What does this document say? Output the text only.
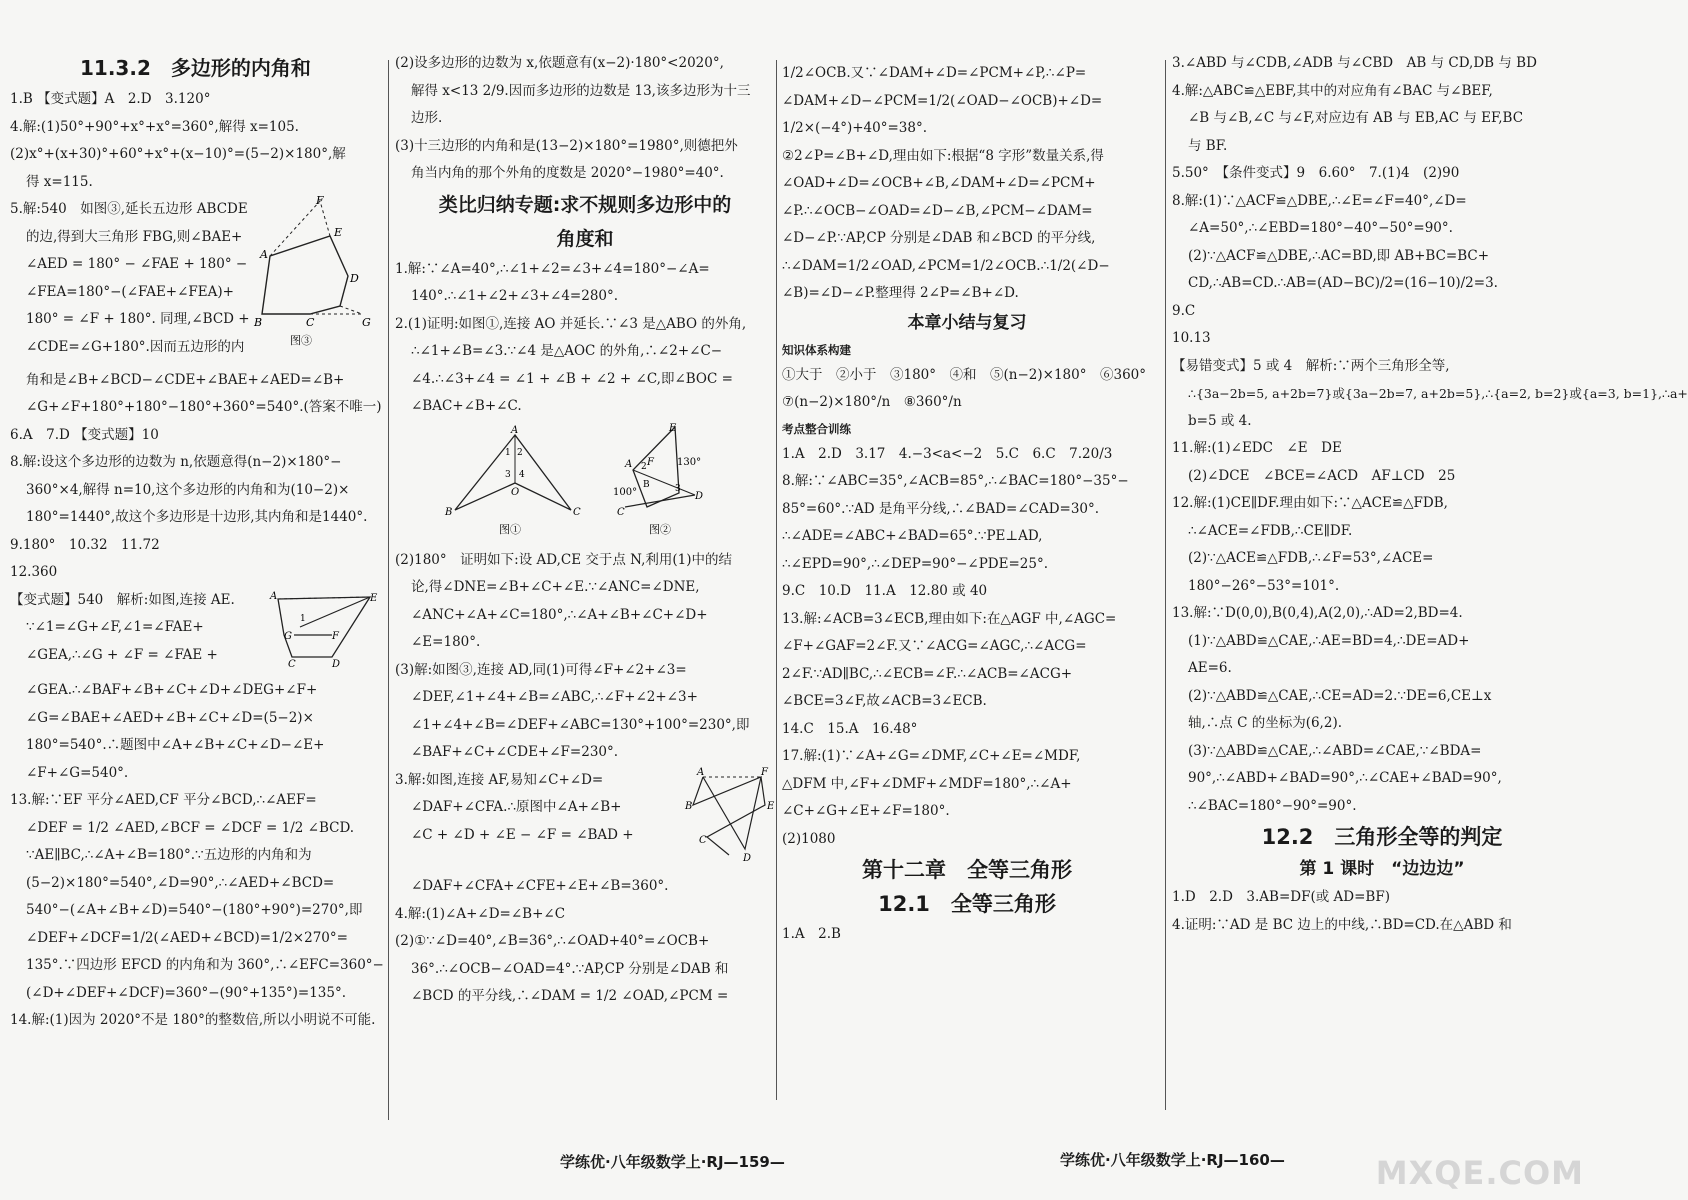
11.3.2　多边形的内角和
1.B 【变式题】A　2.D　3.120°
4.解:(1)50°+90°+x°+x°=360°,解得 x=105.
(2)x°+(x+30)°+60°+x°+(x−10)°=(5−2)×180°,解
得 x=115.
F
E
A
D
B	C	G
图③
5.解:540　如图③,延长五边形 ABCDE
的边,得到大三角形 FBG,则∠BAE+
∠AED = 180° − ∠FAE + 180° −
∠FEA=180°−(∠FAE+∠FEA)+
180° = ∠F + 180°. 同理,∠BCD +
∠CDE=∠G+180°.因而五边形的内
角和是∠B+∠BCD−∠CDE+∠BAE+∠AED=∠B+
∠G+∠F+180°+180°−180°+360°=540°.(答案不唯一)
6.A　7.D 【变式题】10
8.解:设这个多边形的边数为 n,依题意得(n−2)×180°−
360°×4,解得 n=10,这个多边形的内角和为(10−2)×
180°=1440°,故这个多边形是十边形,其内角和是1440°.
9.180°　10.32　11.72
12.360
A	E
1
G	F
C	D
【变式题】540　解析:如图,连接 AE.
∵∠1=∠G+∠F,∠1=∠FAE+
∠GEA,∴∠G + ∠F = ∠FAE +
∠GEA.∴∠BAF+∠B+∠C+∠D+∠DEG+∠F+
∠G=∠BAE+∠AED+∠B+∠C+∠D=(5−2)×
180°=540°.∴题图中∠A+∠B+∠C+∠D−∠E+
∠F+∠G=540°.
13.解:∵EF 平分∠AED,CF 平分∠BCD,∴∠AEF=
∠DEF = 1/2 ∠AED,∠BCF = ∠DCF = 1/2 ∠BCD.
∵AE∥BC,∴∠A+∠B=180°.∵五边形的内角和为
(5−2)×180°=540°,∠D=90°,∴∠AED+∠BCD=
540°−(∠A+∠B+∠D)=540°−(180°+90°)=270°,即
∠DEF+∠DCF=1/2(∠AED+∠BCD)=1/2×270°=
135°.∵四边形 EFCD 的内角和为 360°,∴∠EFC=360°−
(∠D+∠DEF+∠DCF)=360°−(90°+135°)=135°.
14.解:(1)因为 2020°不是 180°的整数倍,所以小明说不可能.
(2)设多边形的边数为 x,依题意有(x−2)·180°<2020°,
解得 x<13 2/9.因而多边形的边数是 13,该多边形为十三
边形.
(3)十三边形的内角和是(13−2)×180°=1980°,则德把外
角当内角的那个外角的度数是 2020°−1980°=40°.
类比归纳专题:求不规则多边形中的
角度和
1.解:∵∠A=40°,∴∠1+∠2=∠3+∠4=180°−∠A=
140°.∴∠1+∠2+∠3+∠4=280°.
2.(1)证明:如图①,连接 AO 并延长.∵∠3 是△ABO 的外角,
∴∠1+∠B=∠3.∵∠4 是△AOC 的外角,∴∠2+∠C−
∠4.∴∠3+∠4 = ∠1 + ∠B + ∠2 + ∠C,即∠BOC =
∠BAC+∠B+∠C.
A
1 2
3 4
O
B	C
图①
E
130°
A 2 F
100°
B	3
C
D
图②
(2)180°　证明如下:设 AD,CE 交于点 N,利用(1)中的结
论,得∠DNE=∠B+∠C+∠E.∵∠ANC=∠DNE,
∠ANC+∠A+∠C=180°,∴∠A+∠B+∠C+∠D+
∠E=180°.
(3)解:如图③,连接 AD,同(1)可得∠F+∠2+∠3=
∠DEF,∠1+∠4+∠B=∠ABC,∴∠F+∠2+∠3+
∠1+∠4+∠B=∠DEF+∠ABC=130°+100°=230°,即
∠BAF+∠C+∠CDE+∠F=230°.
A	F
B	E
C
D
3.解:如图,连接 AF,易知∠C+∠D=
∠DAF+∠CFA.∴原图中∠A+∠B+
∠C + ∠D + ∠E − ∠F = ∠BAD +
∠DAF+∠CFA+∠CFE+∠E+∠B=360°.
4.解:(1)∠A+∠D=∠B+∠C
(2)①∵∠D=40°,∠B=36°,∴∠OAD+40°=∠OCB+
36°.∴∠OCB−∠OAD=4°.∵AP,CP 分别是∠DAB 和
∠BCD 的平分线,∴∠DAM = 1/2 ∠OAD,∠PCM =
1/2∠OCB.又∵∠DAM+∠D=∠PCM+∠P,∴∠P=
∠DAM+∠D−∠PCM=1/2(∠OAD−∠OCB)+∠D=
1/2×(−4°)+40°=38°.
②2∠P=∠B+∠D,理由如下:根据“8 字形”数量关系,得
∠OAD+∠D=∠OCB+∠B,∠DAM+∠D=∠PCM+
∠P.∴∠OCB−∠OAD=∠D−∠B,∠PCM−∠DAM=
∠D−∠P.∵AP,CP 分别是∠DAB 和∠BCD 的平分线,
∴∠DAM=1/2∠OAD,∠PCM=1/2∠OCB.∴1/2(∠D−
∠B)=∠D−∠P.整理得 2∠P=∠B+∠D.
本章小结与复习
知识体系构建
①大于　②小于　③180°　④和　⑤(n−2)×180°　⑥360°
⑦(n−2)×180°/n　⑧360°/n
考点整合训练
1.A　2.D　3.17　4.−3<a<−2　5.C　6.C　7.20/3
8.解:∵∠ABC=35°,∠ACB=85°,∴∠BAC=180°−35°−
85°=60°.∵AD 是角平分线,∴∠BAD=∠CAD=30°.
∴∠ADE=∠ABC+∠BAD=65°.∵PE⊥AD,
∴∠EPD=90°,∴∠DEP=90°−∠PDE=25°.
9.C　10.D　11.A　12.80 或 40
13.解:∠ACB=3∠ECB,理由如下:在△AGF 中,∠AGC=
∠F+∠GAF=2∠F.又∵∠ACG=∠AGC,∴∠ACG=
2∠F.∵AD∥BC,∴∠ECB=∠F.∴∠ACB=∠ACG+
∠BCE=3∠F,故∠ACB=3∠ECB.
14.C　15.A　16.48°
17.解:(1)∵∠A+∠G=∠DMF,∠C+∠E=∠MDF,
△DFM 中,∠F+∠DMF+∠MDF=180°,∴∠A+
∠C+∠G+∠E+∠F=180°.
(2)1080
第十二章　全等三角形
12.1　全等三角形
1.A　2.B
3.∠ABD 与∠CDB,∠ADB 与∠CBD　AB 与 CD,DB 与 BD
4.解:△ABC≌△EBF,其中的对应角有∠BAC 与∠BEF,
∠B 与∠B,∠C 与∠F,对应边有 AB 与 EB,AC 与 EF,BC
与 BF.
5.50°　【条件变式】9　6.60°　7.(1)4　(2)90
8.解:(1)∵△ACF≌△DBE,∴∠E=∠F=40°,∠D=
∠A=50°,∴∠EBD=180°−40°−50°=90°.
(2)∵△ACF≌△DBE,∴AC=BD,即 AB+BC=BC+
CD,∴AB=CD.∴AB=(AD−BC)/2=(16−10)/2=3.
9.C
10.13
【易错变式】5 或 4　解析:∵两个三角形全等,
∴{3a−2b=5, a+2b=7}或{3a−2b=7, a+2b=5},∴{a=2, b=2}或{a=3, b=1},∴a+
b=5 或 4.
11.解:(1)∠EDC　∠E　DE
(2)∠DCE　∠BCE=∠ACD　AF⊥CD　25
12.解:(1)CE∥DF.理由如下:∵△ACE≌△FDB,
∴∠ACE=∠FDB,∴CE∥DF.
(2)∵△ACE≌△FDB,∴∠F=53°,∠ACE=
180°−26°−53°=101°.
13.解:∵D(0,0),B(0,4),A(2,0),∴AD=2,BD=4.
(1)∵△ABD≌△CAE,∴AE=BD=4,∴DE=AD+
AE=6.
(2)∵△ABD≌△CAE,∴CE=AD=2.∵DE=6,CE⊥x
轴,∴点 C 的坐标为(6,2).
(3)∵△ABD≌△CAE,∴∠ABD=∠CAE,∵∠BDA=
90°,∴∠ABD+∠BAD=90°,∴∠CAE+∠BAD=90°,
∴∠BAC=180°−90°=90°.
12.2　三角形全等的判定
第 1 课时　“边边边”
1.D　2.D　3.AB=DF(或 AD=BF)
4.证明:∵AD 是 BC 边上的中线,∴BD=CD.在△ABD 和
学练优·八年级数学上·RJ—159—	学练优·八年级数学上·RJ—160—	MXQE.COM
